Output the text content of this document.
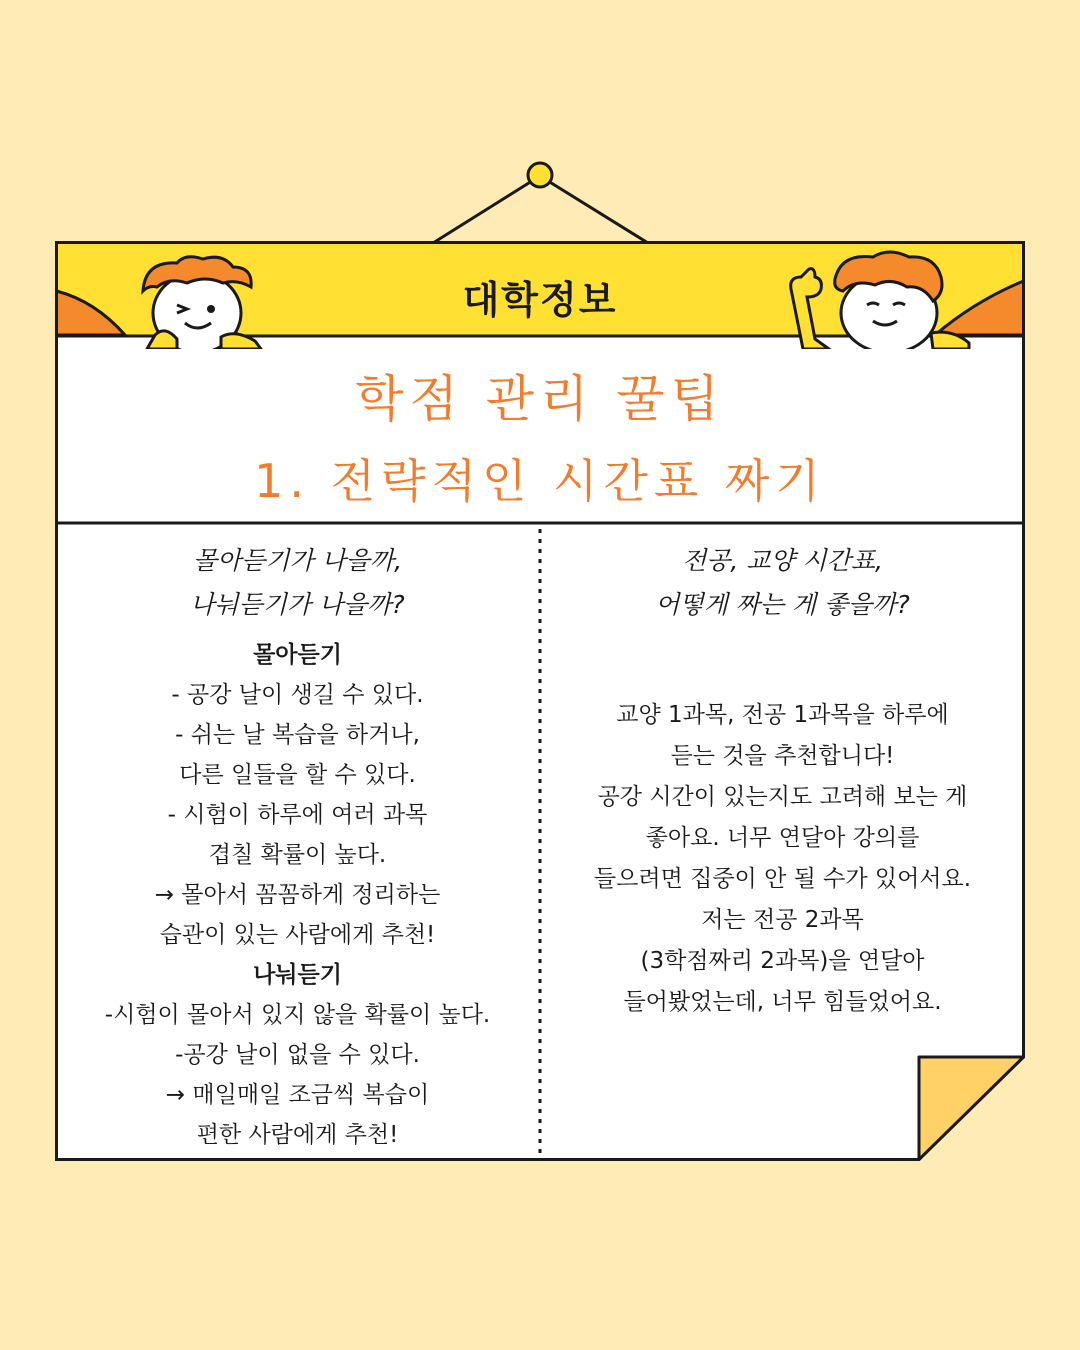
대학정보
학점 관리 꿀팁
1. 전략적인 시간표 짜기
몰아듣기가 나을까,
나눠듣기가 나을까?
몰아듣기
- 공강 날이 생길 수 있다.
- 쉬는 날 복습을 하거나,
다른 일들을 할 수 있다.
- 시험이 하루에 여러 과목
겹칠 확률이 높다.
→ 몰아서 꼼꼼하게 정리하는
습관이 있는 사람에게 추천!
나눠듣기
-시험이 몰아서 있지 않을 확률이 높다.
-공강 날이 없을 수 있다.
→ 매일매일 조금씩 복습이
편한 사람에게 추천!
전공, 교양 시간표,
어떻게 짜는 게 좋을까?
교양 1과목, 전공 1과목을 하루에
듣는 것을 추천합니다!
공강 시간이 있는지도 고려해 보는 게
좋아요. 너무 연달아 강의를
들으려면 집중이 안 될 수가 있어서요.
저는 전공 2과목
(3학점짜리 2과목)을 연달아
들어봤었는데, 너무 힘들었어요.
